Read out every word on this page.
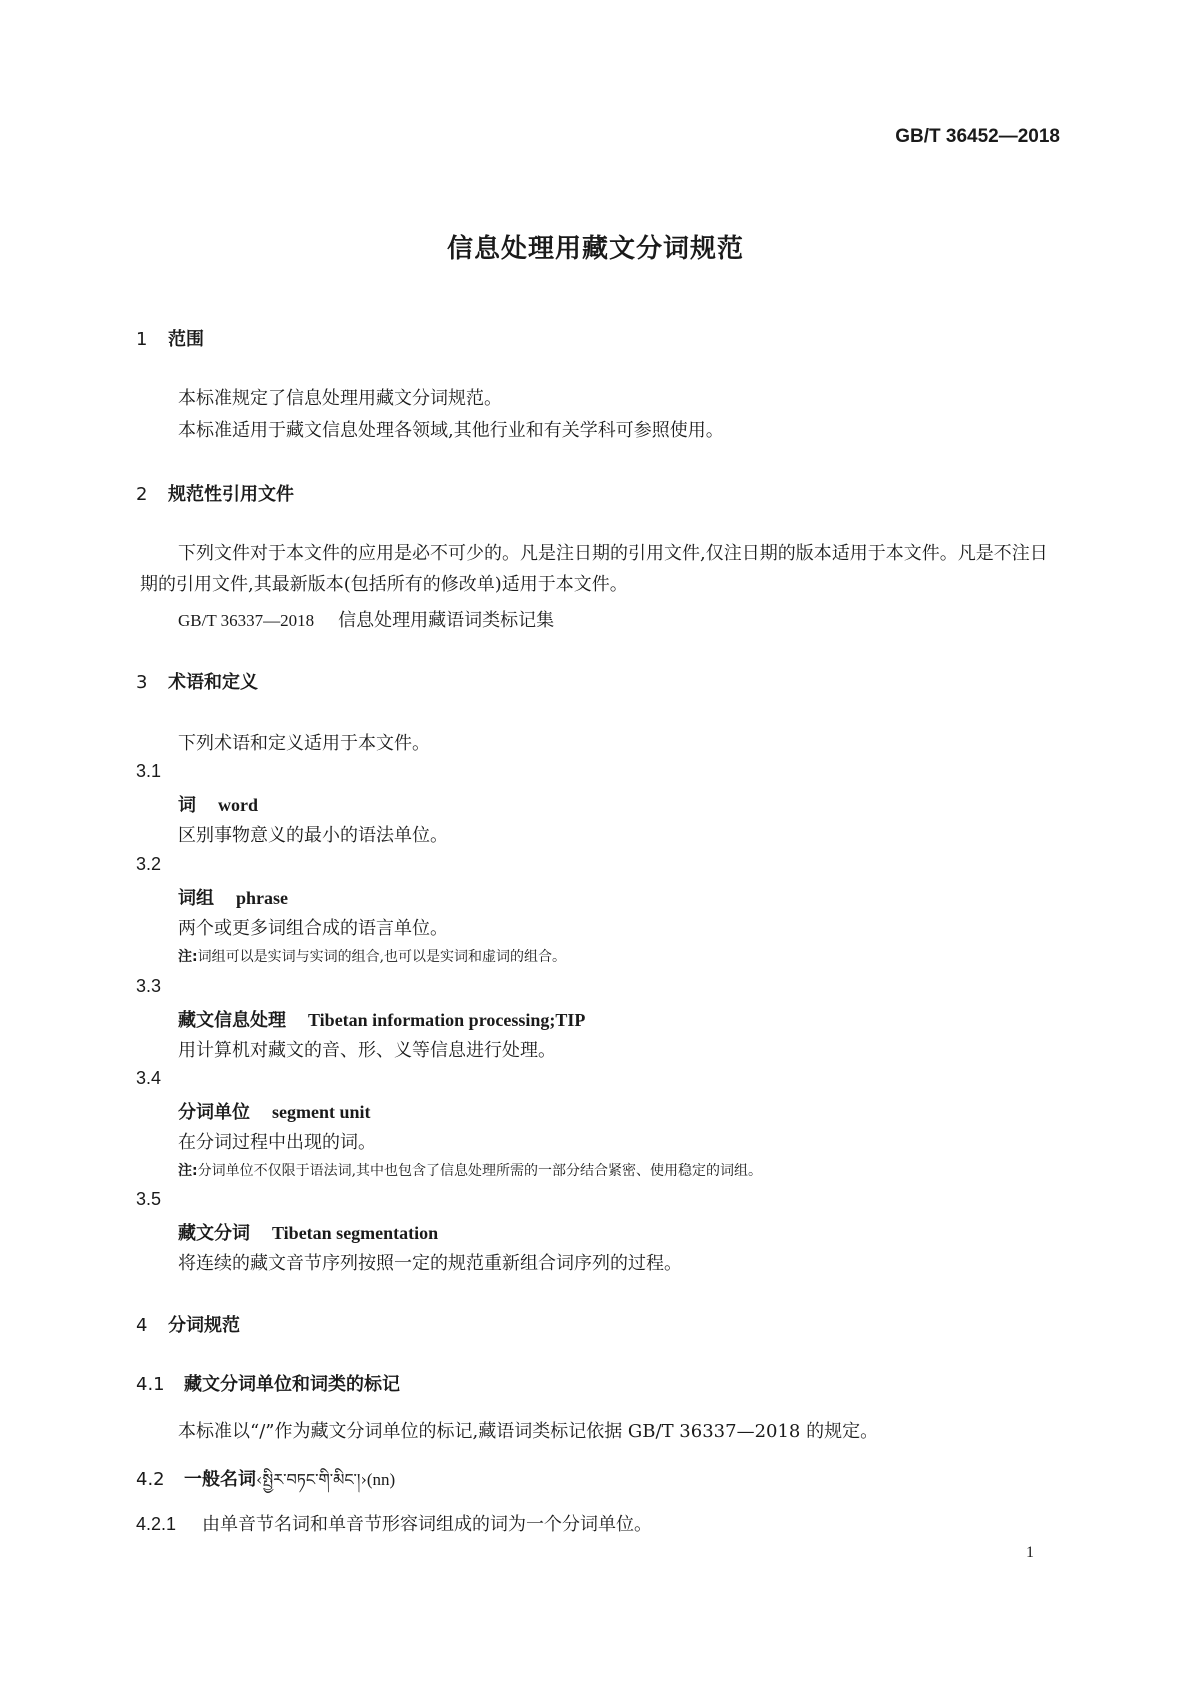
GB/T 36452—2018
信息处理用藏文分词规范
1 范围
本标准规定了信息处理用藏文分词规范。
本标准适用于藏文信息处理各领域,其他行业和有关学科可参照使用。
2 规范性引用文件
下列文件对于本文件的应用是必不可少的。凡是注日期的引用文件,仅注日期的版本适用于本文件。凡是不注日期的引用文件,其最新版本(包括所有的修改单)适用于本文件。
GB/T 36337—2018 信息处理用藏语词类标记集
3 术语和定义
下列术语和定义适用于本文件。
3.1
词 word
区别事物意义的最小的语法单位。
3.2
词组 phrase
两个或更多词组合成的语言单位。
注:词组可以是实词与实词的组合,也可以是实词和虚词的组合。
3.3
藏文信息处理 Tibetan information processing;TIP
用计算机对藏文的音、形、义等信息进行处理。
3.4
分词单位 segment unit
在分词过程中出现的词。
注:分词单位不仅限于语法词,其中也包含了信息处理所需的一部分结合紧密、使用稳定的词组。
3.5
藏文分词 Tibetan segmentation
将连续的藏文音节序列按照一定的规范重新组合词序列的过程。
4 分词规范
4.1 藏文分词单位和词类的标记
本标准以“/”作为藏文分词单位的标记,藏语词类标记依据 GB/T 36337—2018 的规定。
4.2 一般名词‹སྤྱིར་བཏང་གི་མིང་།›(nn)
4.2.1 由单音节名词和单音节形容词组成的词为一个分词单位。
1
